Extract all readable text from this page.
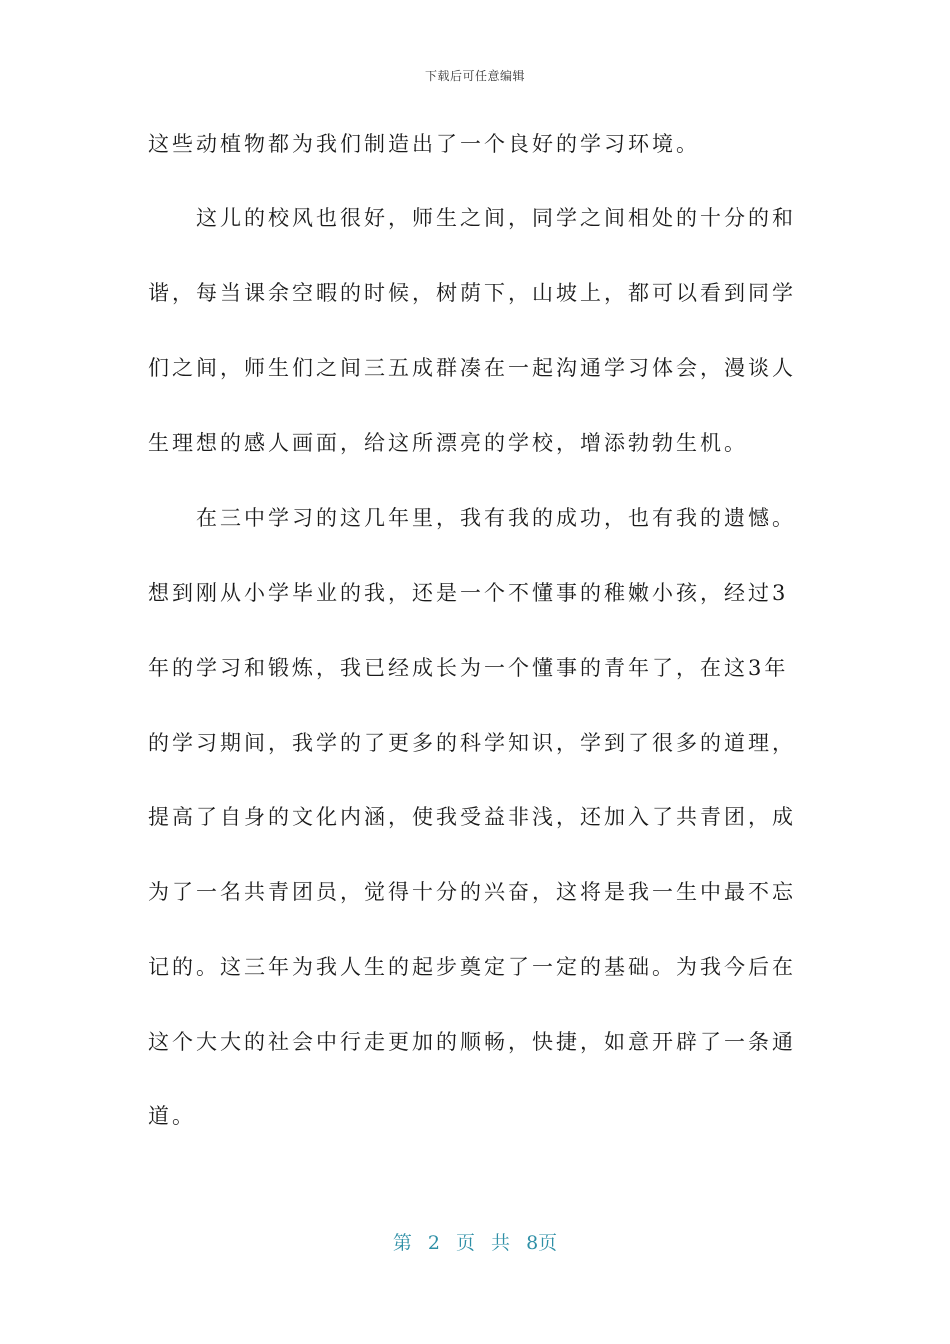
下载后可任意编辑
这些动植物都为我们制造出了一个良好的学习环境。
　　这儿的校风也很好，师生之间，同学之间相处的十分的和
谐，每当课余空暇的时候，树荫下，山坡上，都可以看到同学
们之间，师生们之间三五成群凑在一起沟通学习体会，漫谈人
生理想的感人画面，给这所漂亮的学校，增添勃勃生机。
　　在三中学习的这几年里，我有我的成功，也有我的遗憾。
想到刚从小学毕业的我，还是一个不懂事的稚嫩小孩，经过3
年的学习和锻炼，我已经成长为一个懂事的青年了，在这3年
的学习期间，我学的了更多的科学知识，学到了很多的道理，
提高了自身的文化内涵，使我受益非浅，还加入了共青团，成
为了一名共青团员，觉得十分的兴奋，这将是我一生中最不忘
记的。这三年为我人生的起步奠定了一定的基础。为我今后在
这个大大的社会中行走更加的顺畅，快捷，如意开辟了一条通
道。
第 2 页 共 8页
